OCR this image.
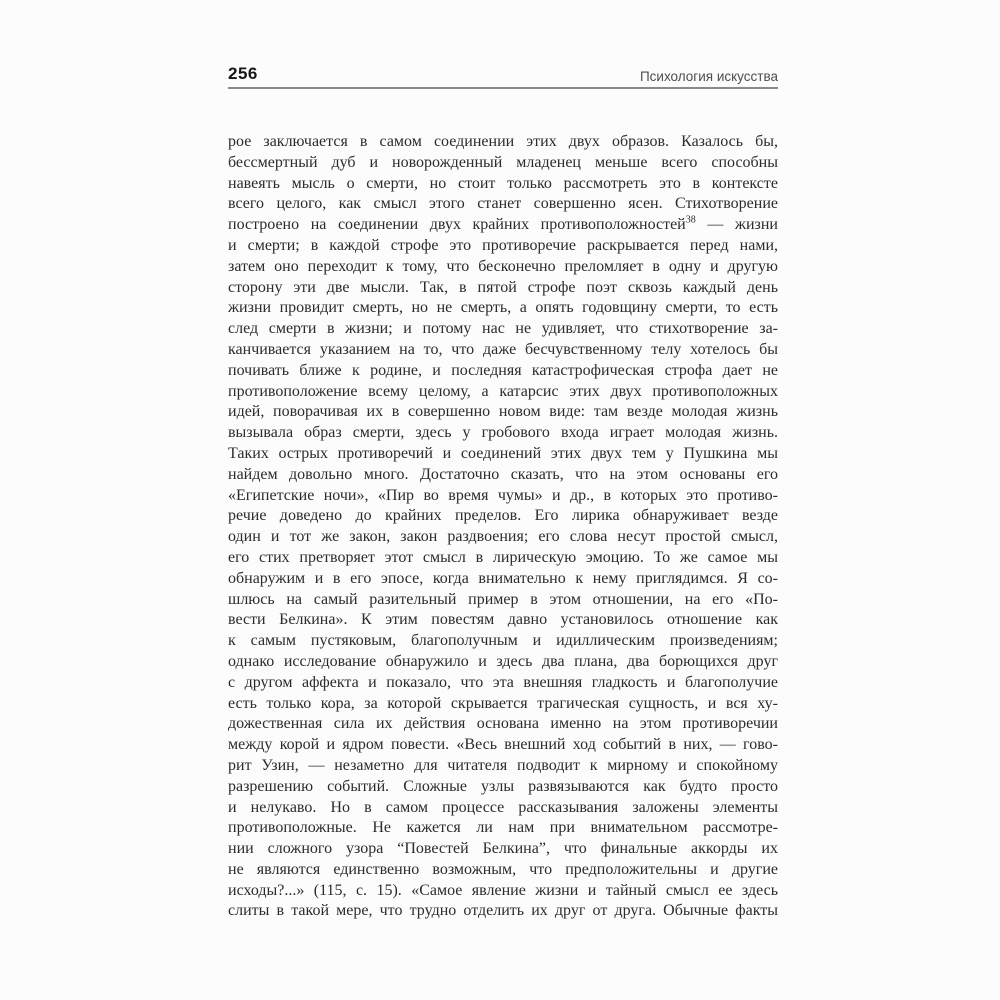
256	Психология искусства
рое заключается в самом соединении этих двух образов. Казалось бы,
бессмертный дуб и новорожденный младенец меньше всего способны
навеять мысль о смерти, но стоит только рассмотреть это в контексте
всего целого, как смысл этого станет совершенно ясен. Стихотворение
построено на соединении двух крайних противоположностей$^{38}$ — жизни
и смерти; в каждой строфе это противоречие раскрывается перед нами,
затем оно переходит к тому, что бесконечно преломляет в одну и другую
сторону эти две мысли. Так, в пятой строфе поэт сквозь каждый день
жизни провидит смерть, но не смерть, а опять годовщину смерти, то есть
след смерти в жизни; и потому нас не удивляет, что стихотворение за-
канчивается указанием на то, что даже бесчувственному телу хотелось бы
почивать ближе к родине, и последняя катастрофическая строфа дает не
противоположение всему целому, а катарсис этих двух противоположных
идей, поворачивая их в совершенно новом виде: там везде молодая жизнь
вызывала образ смерти, здесь у гробового входа играет молодая жизнь.
Таких острых противоречий и соединений этих двух тем у Пушкина мы
найдем довольно много. Достаточно сказать, что на этом основаны его
«Египетские ночи», «Пир во время чумы» и др., в которых это противо-
речие доведено до крайних пределов. Его лирика обнаруживает везде
один и тот же закон, закон раздвоения; его слова несут простой смысл,
его стих претворяет этот смысл в лирическую эмоцию. То же самое мы
обнаружим и в его эпосе, когда внимательно к нему приглядимся. Я со-
шлюсь на самый разительный пример в этом отношении, на его «По-
вести Белкина». К этим повестям давно установилось отношение как
к самым пустяковым, благополучным и идиллическим произведениям;
однако исследование обнаружило и здесь два плана, два борющихся друг
с другом аффекта и показало, что эта внешняя гладкость и благополучие
есть только кора, за которой скрывается трагическая сущность, и вся ху-
дожественная сила их действия основана именно на этом противоречии
между корой и ядром повести. «Весь внешний ход событий в них, — гово-
рит Узин, — незаметно для читателя подводит к мирному и спокойному
разрешению событий. Сложные узлы развязываются как будто просто
и нелукаво. Но в самом процессе рассказывания заложены элементы
противоположные. Не кажется ли нам при внимательном рассмотре-
нии сложного узора “Повестей Белкина”, что финальные аккорды их
не являются единственно возможным, что предположительны и другие
исходы?...» (115, с. 15). «Самое явление жизни и тайный смысл ее здесь
слиты в такой мере, что трудно отделить их друг от друга. Обычные факты
